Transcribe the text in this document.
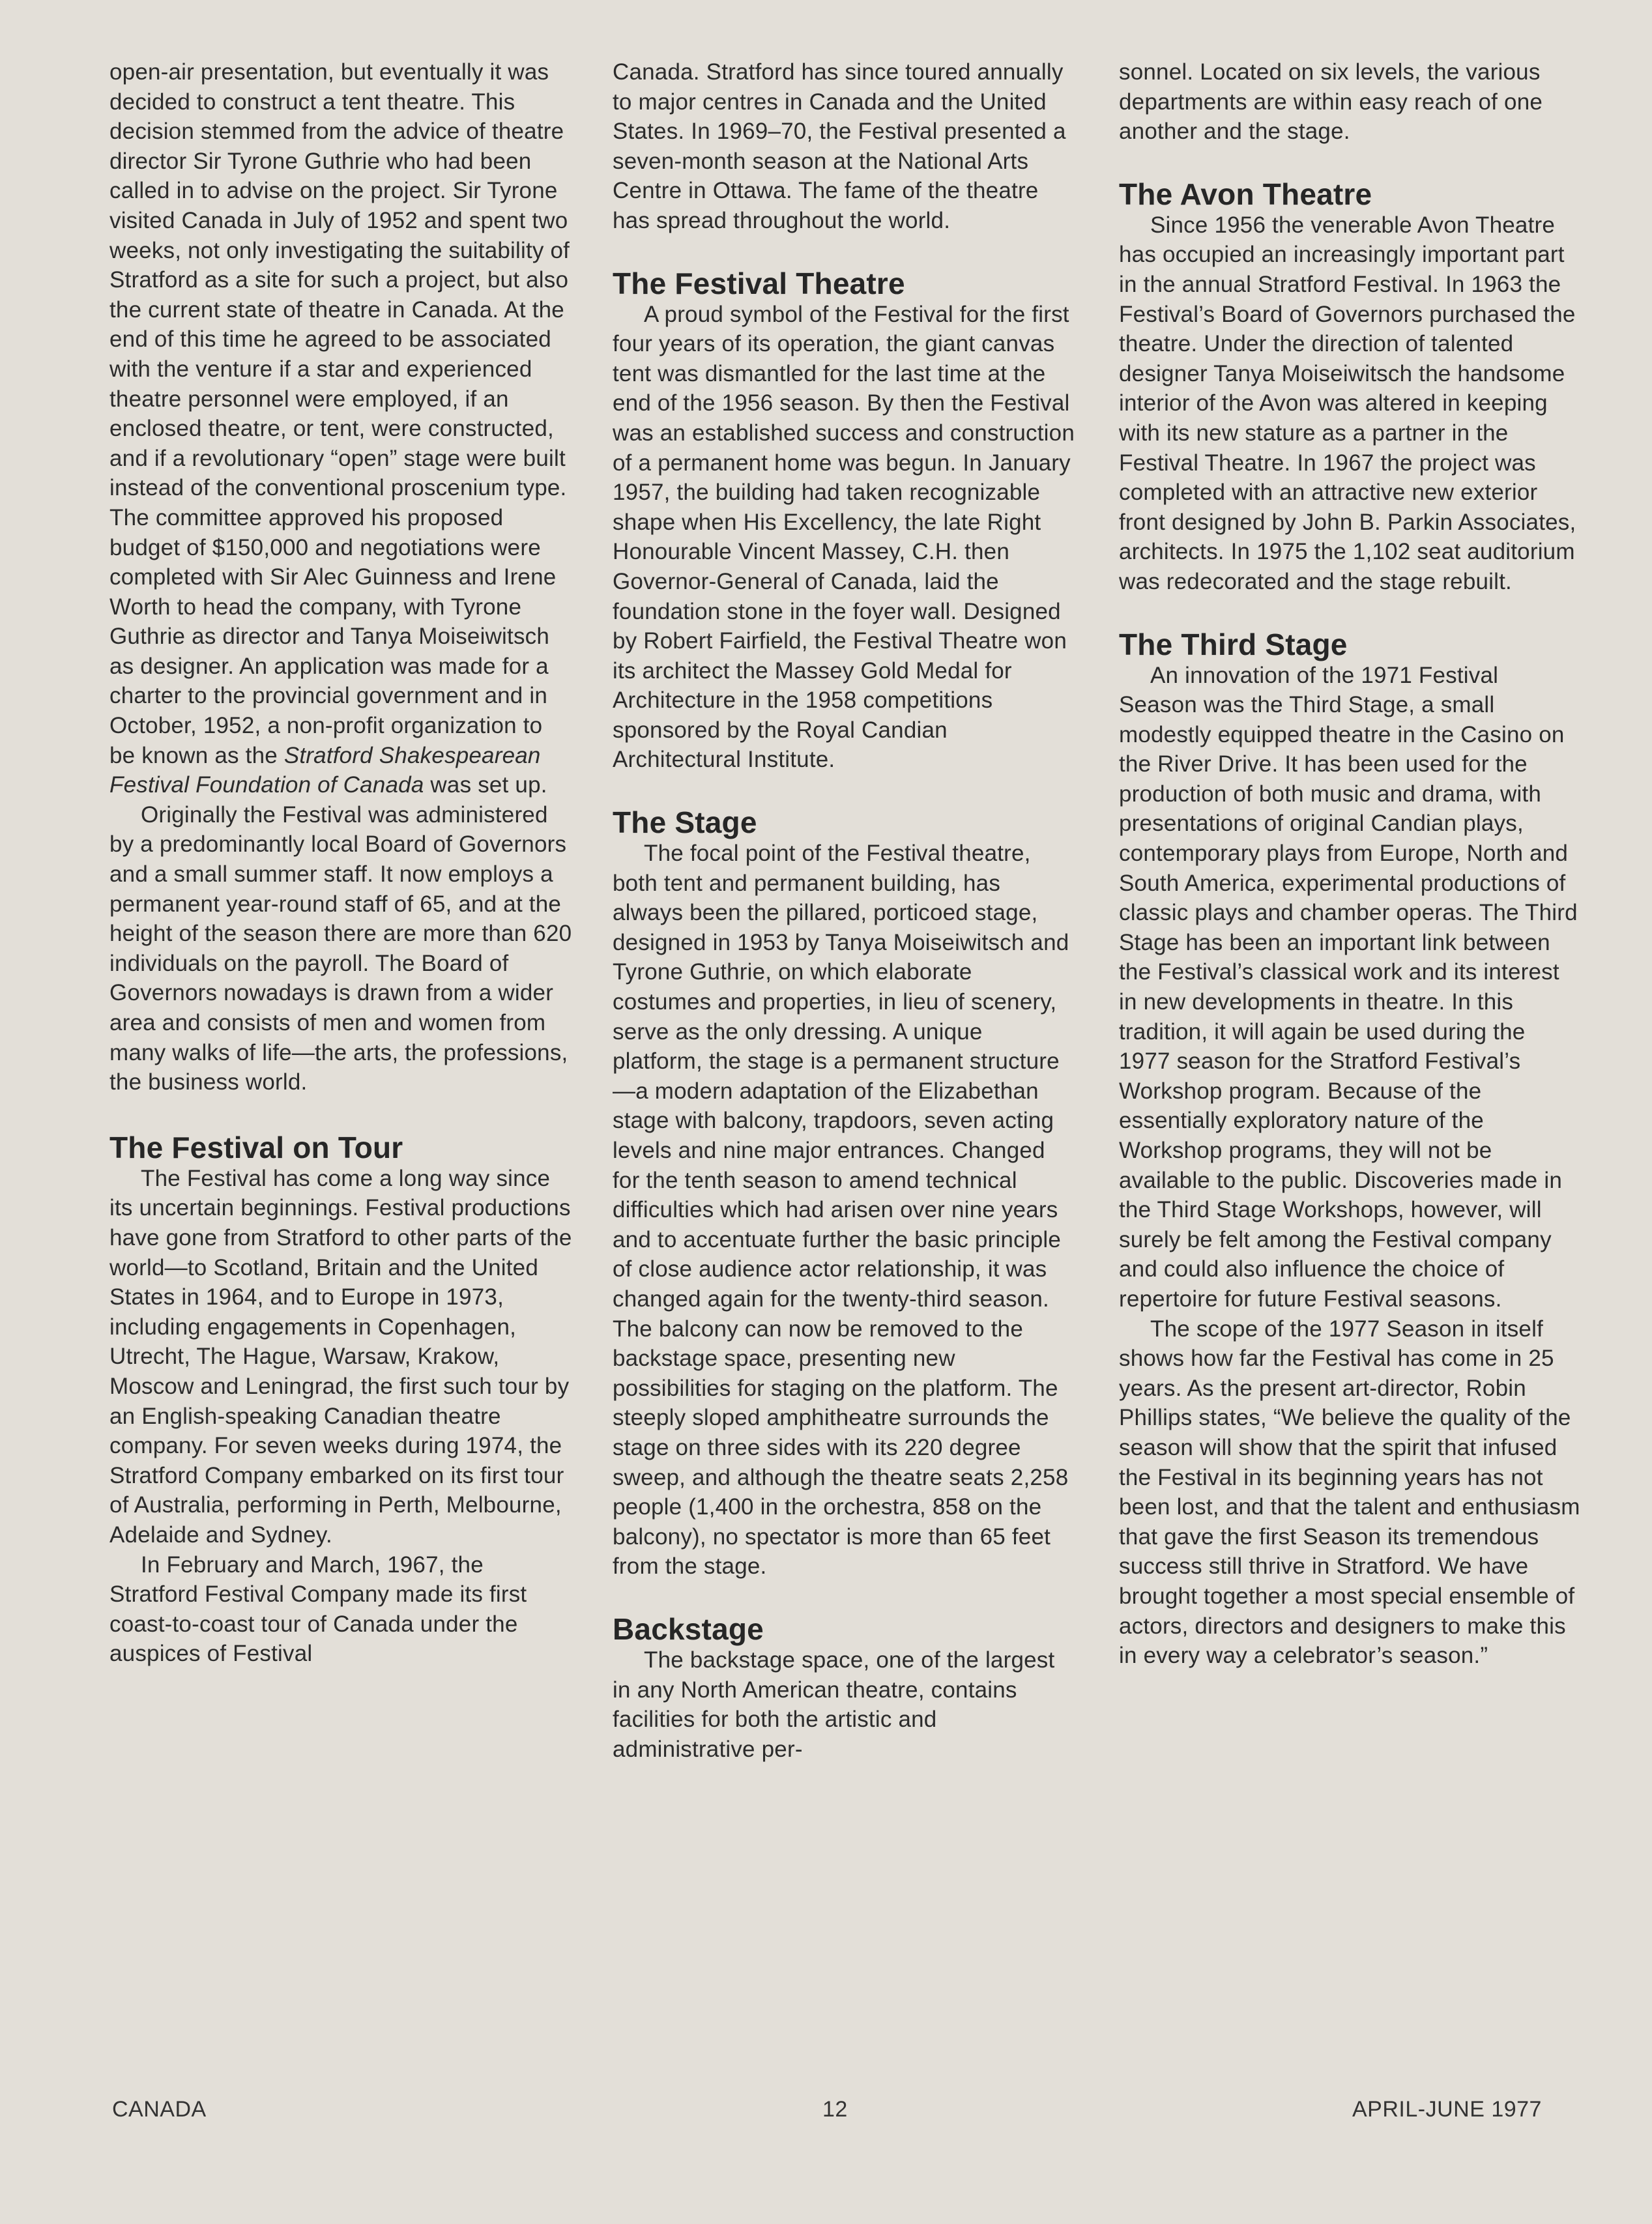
open-air presentation, but eventually it was decided to construct a tent theatre. This decision stemmed from the advice of theatre director Sir Tyrone Guthrie who had been called in to advise on the project. Sir Tyrone visited Canada in July of 1952 and spent two weeks, not only investigating the suitability of Stratford as a site for such a project, but also the current state of theatre in Canada. At the end of this time he agreed to be associated with the venture if a star and experienced theatre personnel were employed, if an enclosed theatre, or tent, were constructed, and if a revolutionary “open” stage were built instead of the conventional proscenium type. The committee approved his proposed budget of $150,000 and negotiations were completed with Sir Alec Guinness and Irene Worth to head the company, with Tyrone Guthrie as director and Tanya Moiseiwitsch as designer. An application was made for a charter to the provincial government and in October, 1952, a non-profit organization to be known as the Stratford Shakespearean Festival Foundation of Canada was set up.

Originally the Festival was administered by a predominantly local Board of Governors and a small summer staff. It now employs a permanent year-round staff of 65, and at the height of the season there are more than 620 individuals on the payroll. The Board of Governors nowadays is drawn from a wider area and consists of men and women from many walks of life—the arts, the professions, the business world.

The Festival on Tour

The Festival has come a long way since its uncertain beginnings. Festival productions have gone from Stratford to other parts of the world—to Scotland, Britain and the United States in 1964, and to Europe in 1973, including engagements in Copenhagen, Utrecht, The Hague, Warsaw, Krakow, Moscow and Leningrad, the first such tour by an English-speaking Canadian theatre company. For seven weeks during 1974, the Stratford Company embarked on its first tour of Australia, performing in Perth, Melbourne, Adelaide and Sydney.

In February and March, 1967, the Stratford Festival Company made its first coast-to-coast tour of Canada under the auspices of Festival

Canada. Stratford has since toured annually to major centres in Canada and the United States. In 1969–70, the Festival presented a seven-month season at the National Arts Centre in Ottawa. The fame of the theatre has spread throughout the world.

The Festival Theatre

A proud symbol of the Festival for the first four years of its operation, the giant canvas tent was dismantled for the last time at the end of the 1956 season. By then the Festival was an established success and construction of a permanent home was begun. In January 1957, the building had taken recognizable shape when His Excellency, the late Right Honourable Vincent Massey, C.H. then Governor-General of Canada, laid the foundation stone in the foyer wall. Designed by Robert Fairfield, the Festival Theatre won its architect the Massey Gold Medal for Architecture in the 1958 competitions sponsored by the Royal Candian Architectural Institute.

The Stage

The focal point of the Festival theatre, both tent and permanent building, has always been the pillared, porticoed stage, designed in 1953 by Tanya Moiseiwitsch and Tyrone Guthrie, on which elaborate costumes and properties, in lieu of scenery, serve as the only dressing. A unique platform, the stage is a permanent structure—a modern adaptation of the Elizabethan stage with balcony, trapdoors, seven acting levels and nine major entrances. Changed for the tenth season to amend technical difficulties which had arisen over nine years and to accentuate further the basic principle of close audience actor relationship, it was changed again for the twenty-third season. The balcony can now be removed to the backstage space, presenting new possibilities for staging on the platform. The steeply sloped amphitheatre surrounds the stage on three sides with its 220 degree sweep, and although the theatre seats 2,258 people (1,400 in the orchestra, 858 on the balcony), no spectator is more than 65 feet from the stage.

Backstage

The backstage space, one of the largest in any North American theatre, contains facilities for both the artistic and administrative per-

sonnel. Located on six levels, the various departments are within easy reach of one another and the stage.

The Avon Theatre

Since 1956 the venerable Avon Theatre has occupied an increasingly important part in the annual Stratford Festival. In 1963 the Festival’s Board of Governors purchased the theatre. Under the direction of talented designer Tanya Moiseiwitsch the handsome interior of the Avon was altered in keeping with its new stature as a partner in the Festival Theatre. In 1967 the project was completed with an attractive new exterior front designed by John B. Parkin Associates, architects. In 1975 the 1,102 seat auditorium was redecorated and the stage rebuilt.

The Third Stage

An innovation of the 1971 Festival Season was the Third Stage, a small modestly equipped theatre in the Casino on the River Drive. It has been used for the production of both music and drama, with presentations of original Candian plays, contemporary plays from Europe, North and South America, experimental productions of classic plays and chamber operas. The Third Stage has been an important link between the Festival’s classical work and its interest in new developments in theatre. In this tradition, it will again be used during the 1977 season for the Stratford Festival’s Workshop program. Because of the essentially exploratory nature of the Workshop programs, they will not be available to the public. Discoveries made in the Third Stage Workshops, however, will surely be felt among the Festival company and could also influence the choice of repertoire for future Festival seasons.

The scope of the 1977 Season in itself shows how far the Festival has come in 25 years. As the present art-director, Robin Phillips states, “We believe the quality of the season will show that the spirit that infused the Festival in its beginning years has not been lost, and that the talent and enthusiasm that gave the first Season its tremendous success still thrive in Stratford. We have brought together a most special ensemble of actors, directors and designers to make this in every way a celebrator’s season.”

CANADA	12	APRIL-JUNE 1977
